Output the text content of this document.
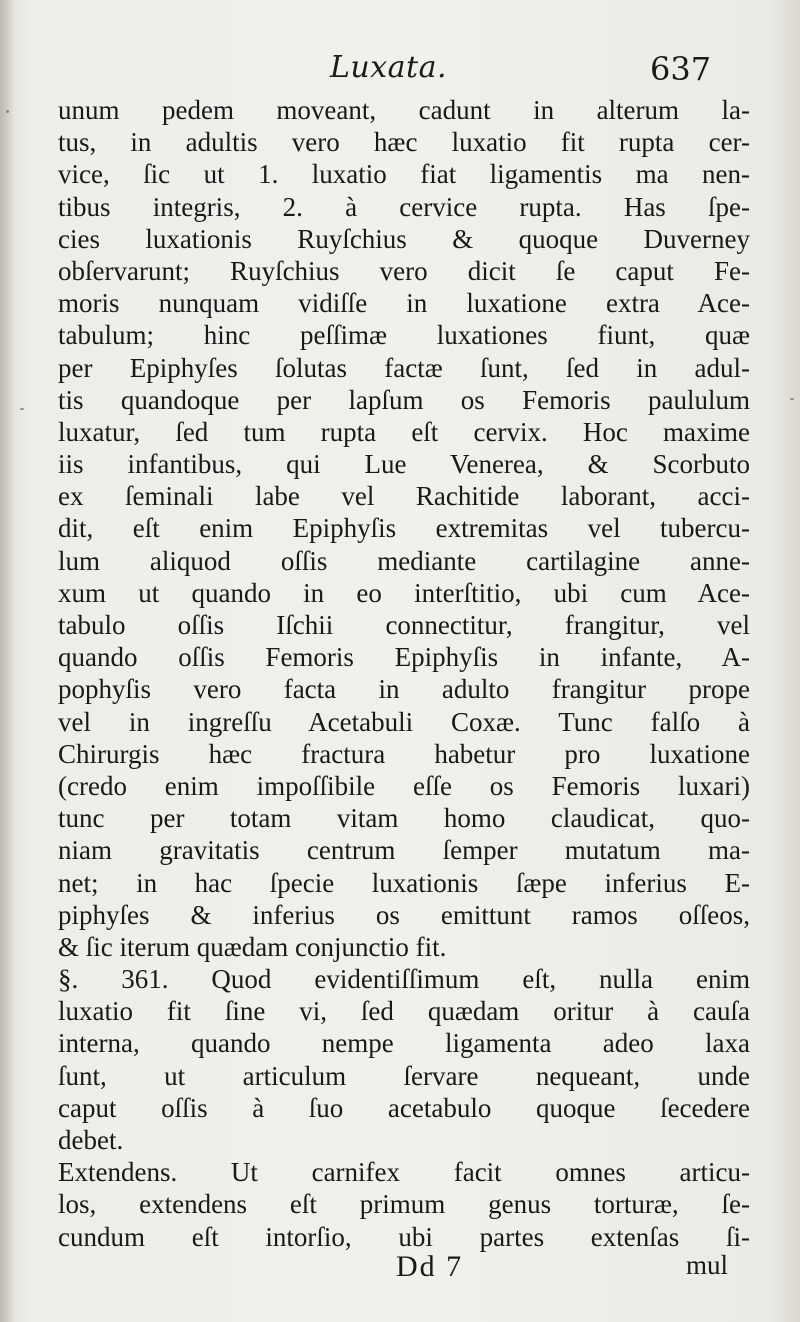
Luxata.	637
unum pedem moveant, cadunt in alterum la-
tus, in adultis vero hæc luxatio fit rupta cer-
vice, ſic ut 1. luxatio fiat ligamentis ma nen-
tibus integris, 2. à cervice rupta. Has ſpe-
cies luxationis Ruyſchius & quoque Duverney
obſervarunt; Ruyſchius vero dicit ſe caput Fe-
moris nunquam vidiſſe in luxatione extra Ace-
tabulum; hinc peſſimæ luxationes fiunt, quæ
per Epiphyſes ſolutas factæ ſunt, ſed in adul-
tis quandoque per lapſum os Femoris paululum
luxatur, ſed tum rupta eſt cervix. Hoc maxime
iis infantibus, qui Lue Venerea, & Scorbuto
ex ſeminali labe vel Rachitide laborant, acci-
dit, eſt enim Epiphyſis extremitas vel tubercu-
lum aliquod oſſis mediante cartilagine anne-
xum ut quando in eo interſtitio, ubi cum Ace-
tabulo oſſis Iſchii connectitur, frangitur, vel
quando oſſis Femoris Epiphyſis in infante, A-
pophyſis vero facta in adulto frangitur prope
vel in ingreſſu Acetabuli Coxæ. Tunc falſo à
Chirurgis hæc fractura habetur pro luxatione
(credo enim impoſſibile eſſe os Femoris luxari)
tunc per totam vitam homo claudicat, quo-
niam gravitatis centrum ſemper mutatum ma-
net; in hac ſpecie luxationis ſæpe inferius E-
piphyſes & inferius os emittunt ramos oſſeos,
& ſic iterum quædam conjunctio fit.
§. 361. Quod evidentiſſimum eſt, nulla enim
luxatio fit ſine vi, ſed quædam oritur à cauſa
interna, quando nempe ligamenta adeo laxa
ſunt, ut articulum ſervare nequeant, unde
caput oſſis à ſuo acetabulo quoque ſecedere
debet.
Extendens. Ut carnifex facit omnes articu-
los, extendens eſt primum genus torturæ, ſe-
cundum eſt intorſio, ubi partes extenſas ſi-
Dd 7	mul
